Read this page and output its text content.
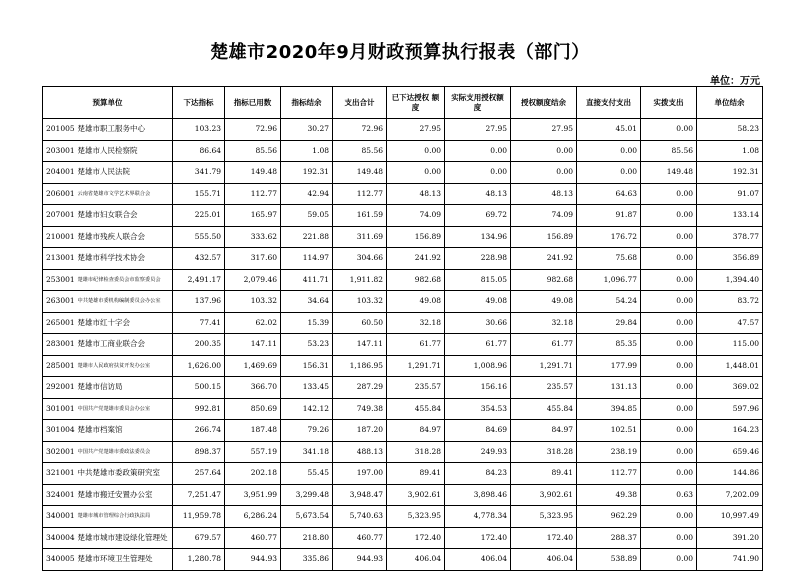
楚雄市2020年9月财政预算执行报表（部门）
单位：万元
预算单位		下达指标	指标已用数	指标结余	支出合计	已下达授权 额 度	实际支用授权额度	授权额度结余	直接支付支出	实拨支出	单位结余
201005	楚雄市职工服务中心	103.23	72.96	30.27	72.96	27.95	27.95	27.95	45.01	0.00	58.23
203001	楚雄市人民检察院	86.64	85.56	1.08	85.56	0.00	0.00	0.00	0.00	85.56	1.08
204001	楚雄市人民法院	341.79	149.48	192.31	149.48	0.00	0.00	0.00	0.00	149.48	192.31
206001	云南省楚雄市文学艺术界联合会	155.71	112.77	42.94	112.77	48.13	48.13	48.13	64.63	0.00	91.07
207001	楚雄市妇女联合会	225.01	165.97	59.05	161.59	74.09	69.72	74.09	91.87	0.00	133.14
210001	楚雄市残疾人联合会	555.50	333.62	221.88	311.69	156.89	134.96	156.89	176.72	0.00	378.77
213001	楚雄市科学技术协会	432.57	317.60	114.97	304.66	241.92	228.98	241.92	75.68	0.00	356.89
253001	楚雄市纪律检查委员会市监察委员会	2,491.17	2,079.46	411.71	1,911.82	982.68	815.05	982.68	1,096.77	0.00	1,394.40
263001	中共楚雄市委机构编制委员会办公室	137.96	103.32	34.64	103.32	49.08	49.08	49.08	54.24	0.00	83.72
265001	楚雄市红十字会	77.41	62.02	15.39	60.50	32.18	30.66	32.18	29.84	0.00	47.57
283001	楚雄市工商业联合会	200.35	147.11	53.23	147.11	61.77	61.77	61.77	85.35	0.00	115.00
285001	楚雄市人民政府扶贫开发办公室	1,626.00	1,469.69	156.31	1,186.95	1,291.71	1,008.96	1,291.71	177.99	0.00	1,448.01
292001	楚雄市信访局	500.15	366.70	133.45	287.29	235.57	156.16	235.57	131.13	0.00	369.02
301001	中国共产党楚雄市委员会办公室	992.81	850.69	142.12	749.38	455.84	354.53	455.84	394.85	0.00	597.96
301004	楚雄市档案馆	266.74	187.48	79.26	187.20	84.97	84.69	84.97	102.51	0.00	164.23
302001	中国共产党楚雄市委政法委员会	898.37	557.19	341.18	488.13	318.28	249.93	318.28	238.19	0.00	659.46
321001	中共楚雄市委政策研究室	257.64	202.18	55.45	197.00	89.41	84.23	89.41	112.77	0.00	144.86
324001	楚雄市搬迁安置办公室	7,251.47	3,951.99	3,299.48	3,948.47	3,902.61	3,898.46	3,902.61	49.38	0.63	7,202.09
340001	楚雄市城市管理综合行政执法局	11,959.78	6,286.24	5,673.54	5,740.63	5,323.95	4,778.34	5,323.95	962.29	0.00	10,997.49
340004	楚雄市城市建设绿化管理处	679.57	460.77	218.80	460.77	172.40	172.40	172.40	288.37	0.00	391.20
340005	楚雄市环境卫生管理处	1,280.78	944.93	335.86	944.93	406.04	406.04	406.04	538.89	0.00	741.90
